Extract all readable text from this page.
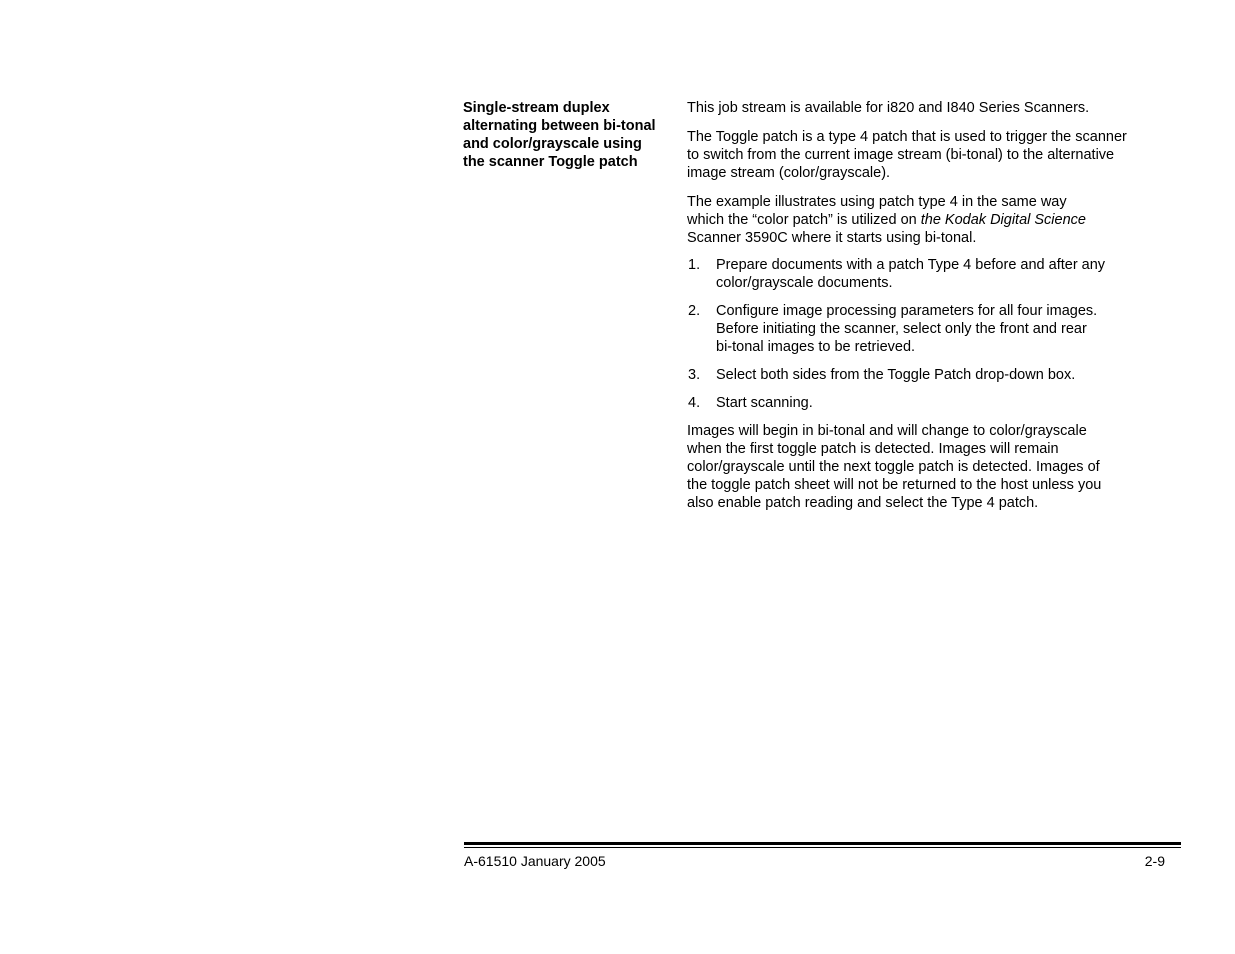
Single-stream duplex
alternating between bi-tonal
and color/grayscale using
the scanner Toggle patch

This job stream is available for i820 and I840 Series Scanners.

The Toggle patch is a type 4 patch that is used to trigger the scanner
to switch from the current image stream (bi-tonal) to the alternative
image stream (color/grayscale).

The example illustrates using patch type 4 in the same way
which the “color patch” is utilized on the Kodak Digital Science
Scanner 3590C where it starts using bi-tonal.

1. Prepare documents with a patch Type 4 before and after any
color/grayscale documents.
2. Configure image processing parameters for all four images.
Before initiating the scanner, select only the front and rear
bi-tonal images to be retrieved.
3. Select both sides from the Toggle Patch drop-down box.
4. Start scanning.

Images will begin in bi-tonal and will change to color/grayscale
when the first toggle patch is detected. Images will remain
color/grayscale until the next toggle patch is detected. Images of
the toggle patch sheet will not be returned to the host unless you
also enable patch reading and select the Type 4 patch.

A-61510 January 2005	2-9
